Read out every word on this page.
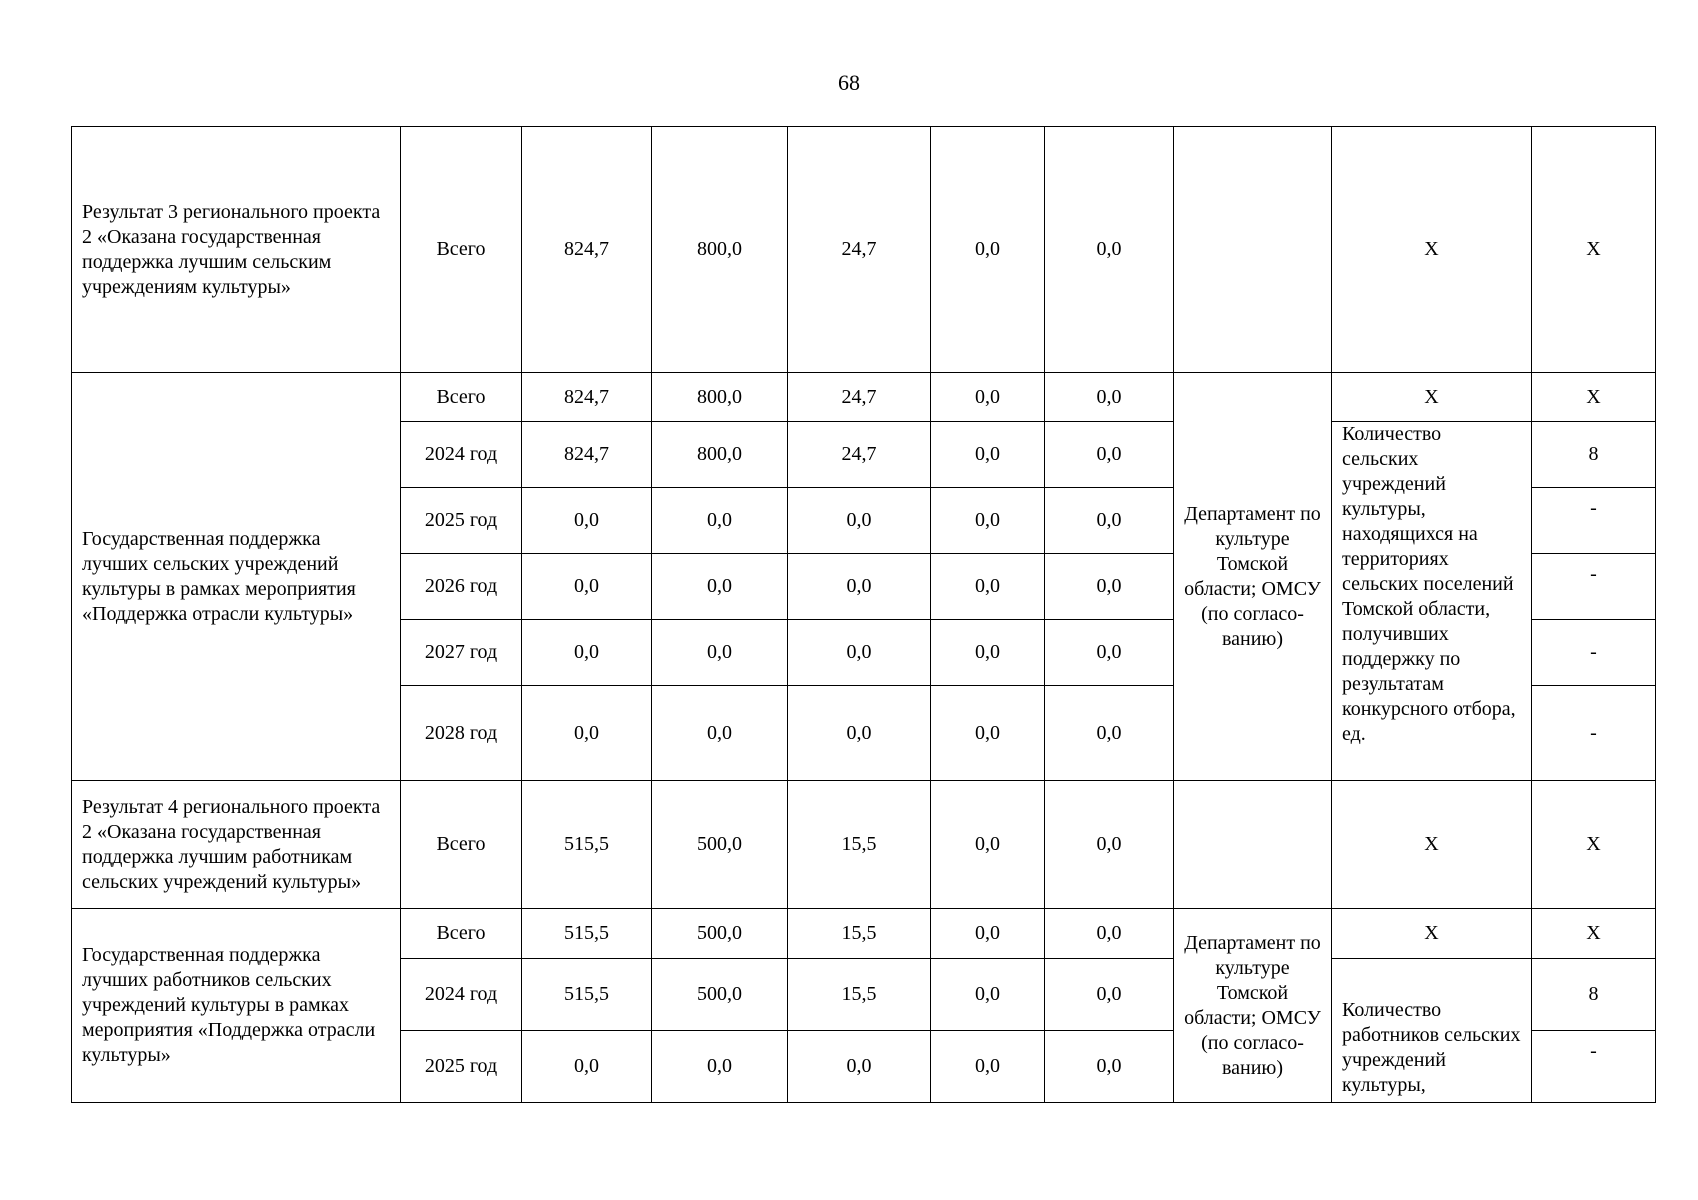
68
Результат 3 регионального проекта 2 «Оказана государственная поддержка лучшим сельским учреждениям культуры»	Всего	824,7	800,0	24,7	0,0	0,0		X	X
Государственная поддержка лучших сельских учреждений культуры в рамках мероприятия «Поддержка отрасли культуры»	Всего	824,7	800,0	24,7	0,0	0,0	Департамент по культуре Томской области; ОМСУ (по согласо-ванию)	X	X
	2024 год	824,7	800,0	24,7	0,0	0,0		Количество сельских учреждений культуры, находящихся на территориях сельских поселений Томской области, получивших поддержку по результатам конкурсного отбора, ед.	8
	2025 год	0,0	0,0	0,0	0,0	0,0			-
	2026 год	0,0	0,0	0,0	0,0	0,0			-
	2027 год	0,0	0,0	0,0	0,0	0,0			-
	2028 год	0,0	0,0	0,0	0,0	0,0			-
Результат 4 регионального проекта 2 «Оказана государственная поддержка лучшим работникам сельских учреждений культуры»	Всего	515,5	500,0	15,5	0,0	0,0		X	X
Государственная поддержка лучших работников сельских учреждений культуры в рамках мероприятия «Поддержка отрасли культуры»	Всего	515,5	500,0	15,5	0,0	0,0	Департамент по культуре Томской области; ОМСУ (по согласо-ванию)	X	X
	2024 год	515,5	500,0	15,5	0,0	0,0		Количество работников сельских учреждений культуры,	8
	2025 год	0,0	0,0	0,0	0,0	0,0			-
